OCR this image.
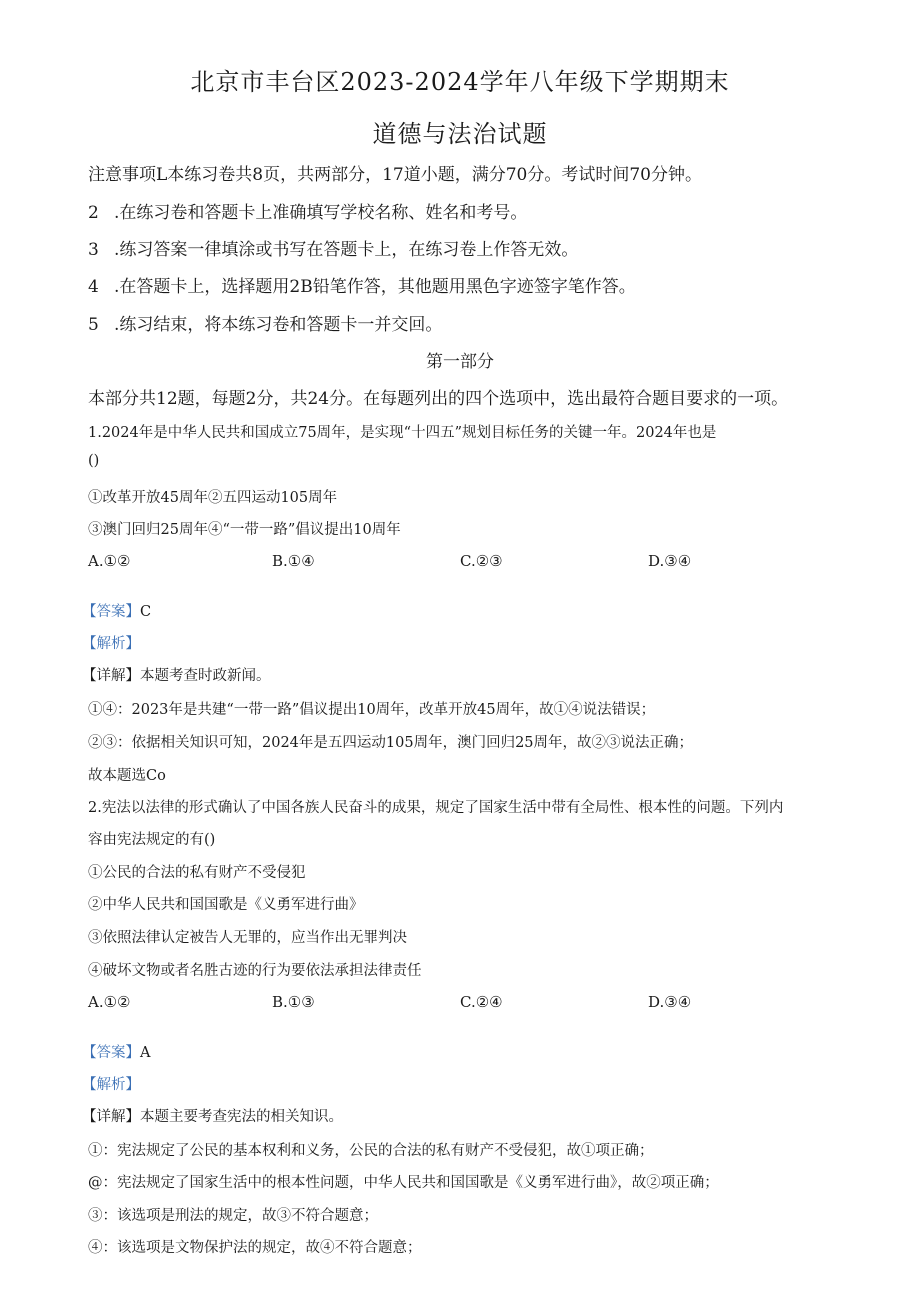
北京市丰台区2023-2024学年八年级下学期期末
道德与法治试题
注意事项L本练习卷共8页，共两部分，17道小题，满分70分。考试时间70分钟。
2 .在练习卷和答题卡上准确填写学校名称、姓名和考号。
3 .练习答案一律填涂或书写在答题卡上，在练习卷上作答无效。
4 .在答题卡上，选择题用2B铅笔作答，其他题用黑色字迹签字笔作答。
5 .练习结束，将本练习卷和答题卡一并交回。
第一部分
本部分共12题，每题2分，共24分。在每题列出的四个选项中，选出最符合题目要求的一项。
1.2024年是中华人民共和国成立75周年，是实现“十四五”规划目标任务的关键一年。2024年也是
()
①改革开放45周年②五四运动105周年
③澳门回归25周年④“一带一路”倡议提出10周年
A.①②	B.①④	C.②③	D.③④
【答案】C
【解析】
【详解】本题考查时政新闻。
①④：2023年是共建“一带一路”倡议提出10周年，改革开放45周年，故①④说法错误；
②③：依据相关知识可知，2024年是五四运动105周年，澳门回归25周年，故②③说法正确；
故本题选Co
2.宪法以法律的形式确认了中国各族人民奋斗的成果，规定了国家生活中带有全局性、根本性的问题。下列内
容由宪法规定的有()
①公民的合法的私有财产不受侵犯
②中华人民共和国国歌是《义勇军进行曲》
③依照法律认定被告人无罪的，应当作出无罪判决
④破坏文物或者名胜古迹的行为要依法承担法律责任
A.①②	B.①③	C.②④	D.③④
【答案】A
【解析】
【详解】本题主要考查宪法的相关知识。
①：宪法规定了公民的基本权利和义务，公民的合法的私有财产不受侵犯，故①项正确；
@：宪法规定了国家生活中的根本性问题，中华人民共和国国歌是《义勇军进行曲》，故②项正确；
③：该选项是刑法的规定，故③不符合题意；
④：该选项是文物保护法的规定，故④不符合题意；
